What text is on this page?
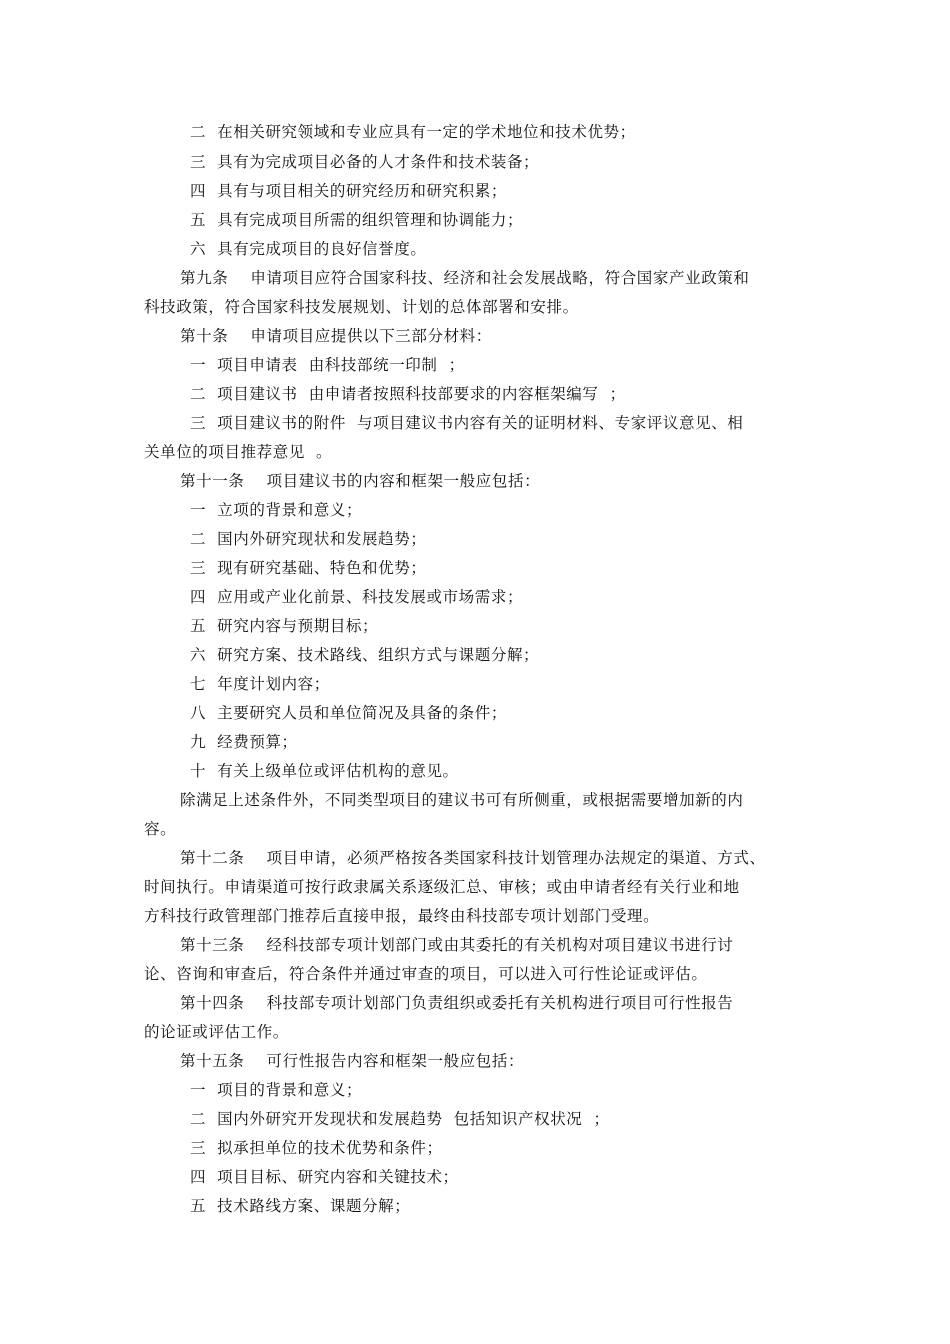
二  在相关研究领域和专业应具有一定的学术地位和技术优势；
三  具有为完成项目必备的人才条件和技术装备；
四  具有与项目相关的研究经历和研究积累；
五  具有完成项目所需的组织管理和协调能力；
六  具有完成项目的良好信誉度。
第九条    申请项目应符合国家科技、经济和社会发展战略，符合国家产业政策和
科技政策，符合国家科技发展规划、计划的总体部署和安排。
第十条    申请项目应提供以下三部分材料：
一  项目申请表  由科技部统一印制  ；
二  项目建议书  由申请者按照科技部要求的内容框架编写  ；
三  项目建议书的附件  与项目建议书内容有关的证明材料、专家评议意见、相
关单位的项目推荐意见  。
第十一条    项目建议书的内容和框架一般应包括：
一  立项的背景和意义；
二  国内外研究现状和发展趋势；
三  现有研究基础、特色和优势；
四  应用或产业化前景、科技发展或市场需求；
五  研究内容与预期目标；
六  研究方案、技术路线、组织方式与课题分解；
七  年度计划内容；
八  主要研究人员和单位简况及具备的条件；
九  经费预算；
十  有关上级单位或评估机构的意见。
除满足上述条件外，不同类型项目的建议书可有所侧重，或根据需要增加新的内
容。
第十二条    项目申请，必须严格按各类国家科技计划管理办法规定的渠道、方式、
时间执行。申请渠道可按行政隶属关系逐级汇总、审核；或由申请者经有关行业和地
方科技行政管理部门推荐后直接申报，最终由科技部专项计划部门受理。
第十三条    经科技部专项计划部门或由其委托的有关机构对项目建议书进行讨
论、咨询和审查后，符合条件并通过审查的项目，可以进入可行性论证或评估。
第十四条    科技部专项计划部门负责组织或委托有关机构进行项目可行性报告
的论证或评估工作。
第十五条    可行性报告内容和框架一般应包括：
一  项目的背景和意义；
二  国内外研究开发现状和发展趋势  包括知识产权状况  ；
三  拟承担单位的技术优势和条件；
四  项目目标、研究内容和关键技术；
五  技术路线方案、课题分解；
